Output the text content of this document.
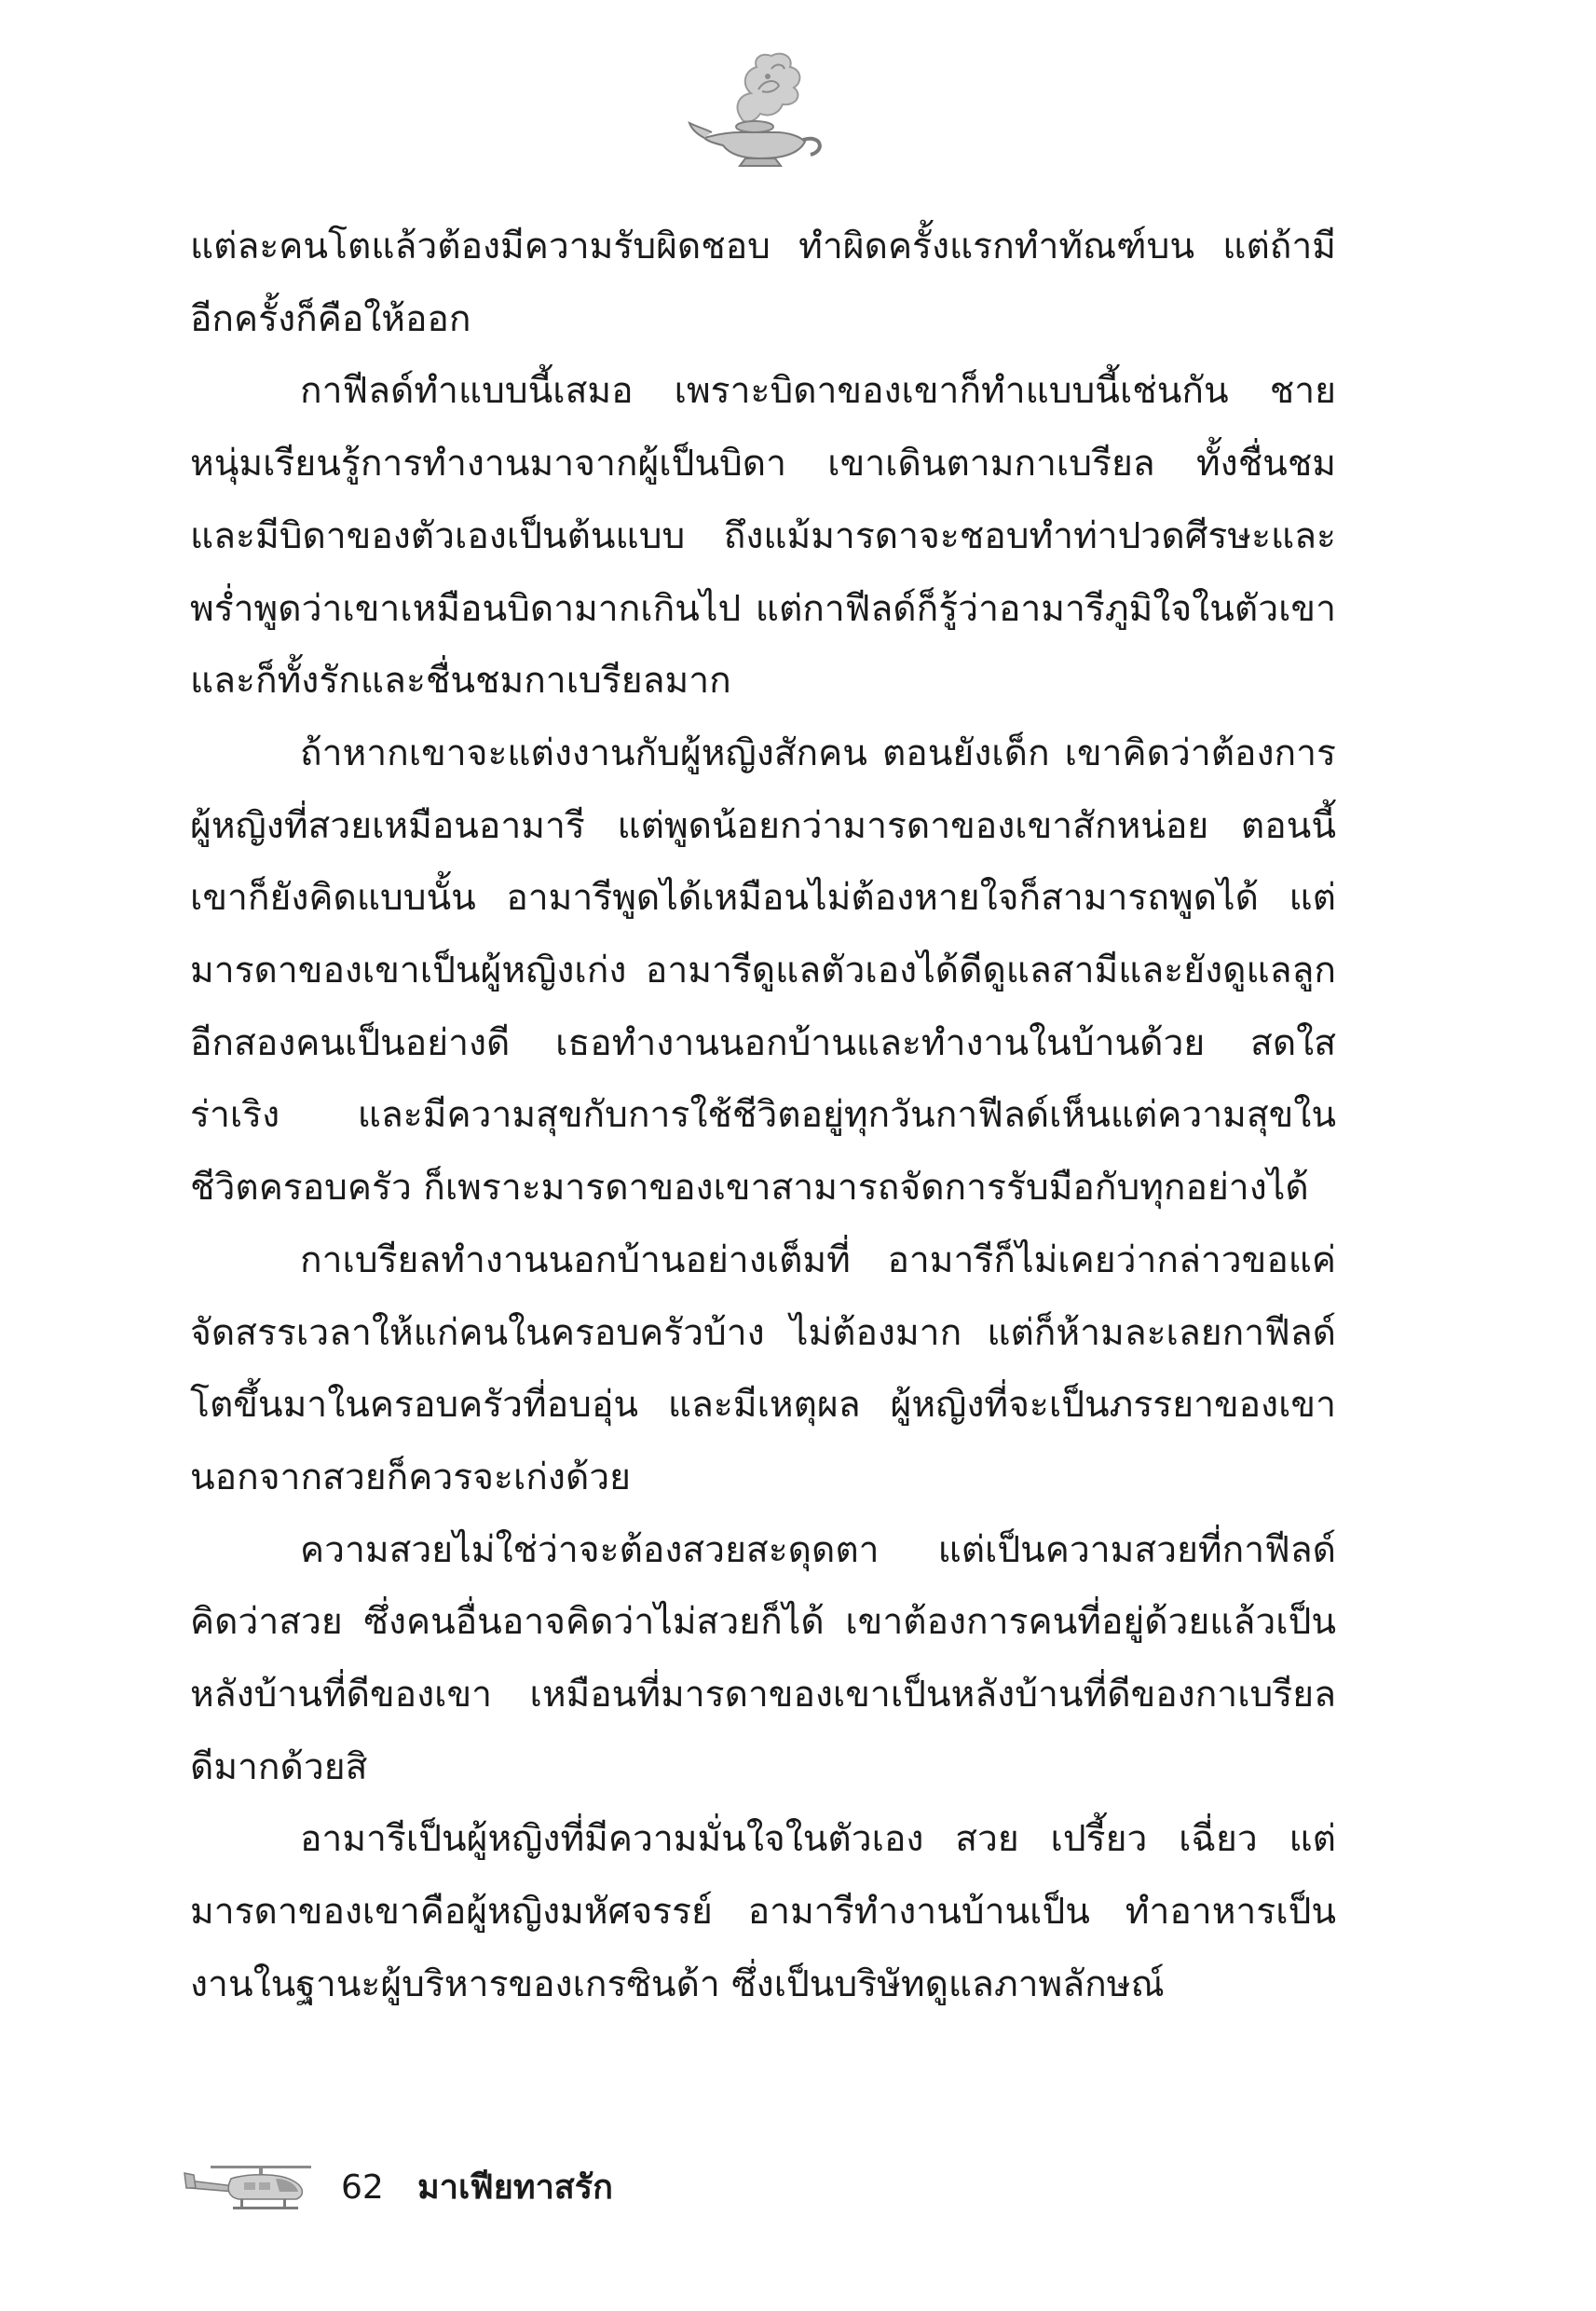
แต่ละคนโตแล้วต้องมีความรับผิดชอบ ทำผิดครั้งแรกทำทัณฑ์บน แต่ถ้ามีอีกครั้งก็คือให้ออก

กาฟีลด์ทำแบบนี้เสมอ เพราะบิดาของเขาก็ทำแบบนี้เช่นกัน ชายหนุ่มเรียนรู้การทำงานมาจากผู้เป็นบิดา เขาเดินตามกาเบรียล ทั้งชื่นชมและมีบิดาของตัวเองเป็นต้นแบบ ถึงแม้มารดาจะชอบทำท่าปวดศีรษะและพร่ำพูดว่าเขาเหมือนบิดามากเกินไป แต่กาฟีลด์ก็รู้ว่าอามารีภูมิใจในตัวเขาและก็ทั้งรักและชื่นชมกาเบรียลมาก

ถ้าหากเขาจะแต่งงานกับผู้หญิงสักคน ตอนยังเด็ก เขาคิดว่าต้องการผู้หญิงที่สวยเหมือนอามารี แต่พูดน้อยกว่ามารดาของเขาสักหน่อย ตอนนี้เขาก็ยังคิดแบบนั้น อามารีพูดได้เหมือนไม่ต้องหายใจก็สามารถพูดได้ แต่มารดาของเขาเป็นผู้หญิงเก่ง อามารีดูแลตัวเองได้ดีดูแลสามีและยังดูแลลูกอีกสองคนเป็นอย่างดี เธอทำงานนอกบ้านและทำงานในบ้านด้วย สดใส ร่าเริง และมีความสุขกับการใช้ชีวิตอยู่ทุกวันกาฟีลด์เห็นแต่ความสุขในชีวิตครอบครัว ก็เพราะมารดาของเขาสามารถจัดการรับมือกับทุกอย่างได้

กาเบรียลทำงานนอกบ้านอย่างเต็มที่ อามารีก็ไม่เคยว่ากล่าวขอแค่จัดสรรเวลาให้แก่คนในครอบครัวบ้าง ไม่ต้องมาก แต่ก็ห้ามละเลยกาฟีลด์โตขึ้นมาในครอบครัวที่อบอุ่น และมีเหตุผล ผู้หญิงที่จะเป็นภรรยาของเขา นอกจากสวยก็ควรจะเก่งด้วย

ความสวยไม่ใช่ว่าจะต้องสวยสะดุดตา แต่เป็นความสวยที่กาฟีลด์คิดว่าสวย ซึ่งคนอื่นอาจคิดว่าไม่สวยก็ได้ เขาต้องการคนที่อยู่ด้วยแล้วเป็นหลังบ้านที่ดีของเขา เหมือนที่มารดาของเขาเป็นหลังบ้านที่ดีของกาเบรียล ดีมากด้วยสิ

อามารีเป็นผู้หญิงที่มีความมั่นใจในตัวเอง สวย เปรี้ยว เฉี่ยว แต่มารดาของเขาคือผู้หญิงมหัศจรรย์ อามารีทำงานบ้านเป็น ทำอาหารเป็น งานในฐานะผู้บริหารของเกรซินด้า ซึ่งเป็นบริษัทดูแลภาพลักษณ์

62 มาเฟียทาสรัก
